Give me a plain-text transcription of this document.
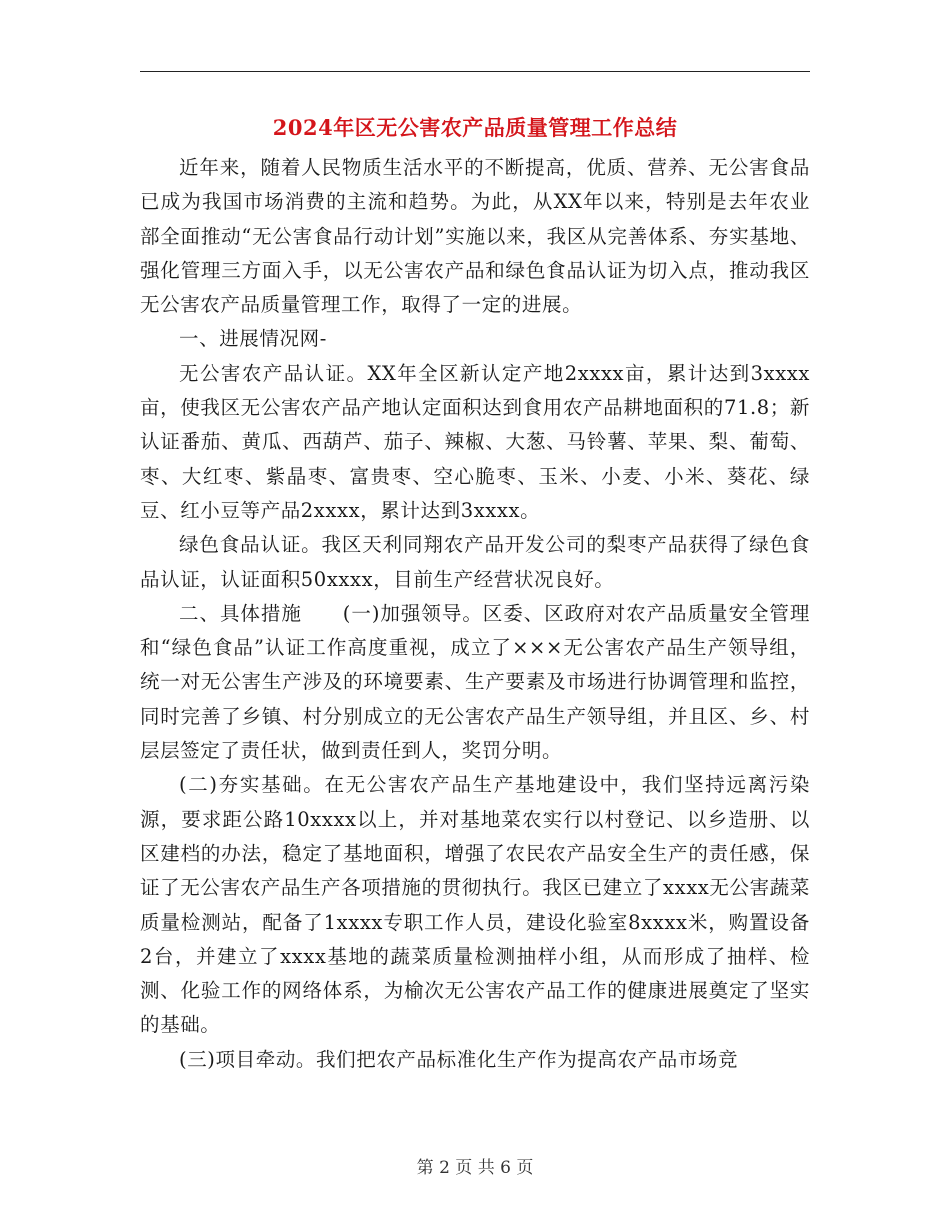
2024年区无公害农产品质量管理工作总结

近年来，随着人民物质生活水平的不断提高，优质、营养、无公害食品已成为我国市场消费的主流和趋势。为此，从XX年以来，特别是去年农业部全面推动“无公害食品行动计划”实施以来，我区从完善体系、夯实基地、强化管理三方面入手，以无公害农产品和绿色食品认证为切入点，推动我区无公害农产品质量管理工作，取得了一定的进展。

一、进展情况网-

无公害农产品认证。XX年全区新认定产地2xxxx亩，累计达到3xxxx亩，使我区无公害农产品产地认定面积达到食用农产品耕地面积的71.8；新认证番茄、黄瓜、西葫芦、茄子、辣椒、大葱、马铃薯、苹果、梨、葡萄、枣、大红枣、紫晶枣、富贵枣、空心脆枣、玉米、小麦、小米、葵花、绿豆、红小豆等产品2xxxx，累计达到3xxxx。

绿色食品认证。我区天利同翔农产品开发公司的梨枣产品获得了绿色食品认证，认证面积50xxxx，目前生产经营状况良好。

二、具体措施　　(一)加强领导。区委、区政府对农产品质量安全管理和“绿色食品”认证工作高度重视，成立了×××无公害农产品生产领导组，统一对无公害生产涉及的环境要素、生产要素及市场进行协调管理和监控，同时完善了乡镇、村分别成立的无公害农产品生产领导组，并且区、乡、村层层签定了责任状，做到责任到人，奖罚分明。

(二)夯实基础。在无公害农产品生产基地建设中，我们坚持远离污染源，要求距公路10xxxx以上，并对基地菜农实行以村登记、以乡造册、以区建档的办法，稳定了基地面积，增强了农民农产品安全生产的责任感，保证了无公害农产品生产各项措施的贯彻执行。我区已建立了xxxx无公害蔬菜质量检测站，配备了1xxxx专职工作人员，建设化验室8xxxx米，购置设备2台，并建立了xxxx基地的蔬菜质量检测抽样小组，从而形成了抽样、检测、化验工作的网络体系，为榆次无公害农产品工作的健康进展奠定了坚实的基础。

(三)项目牵动。我们把农产品标准化生产作为提高农产品市场竞

第 2 页 共 6 页
